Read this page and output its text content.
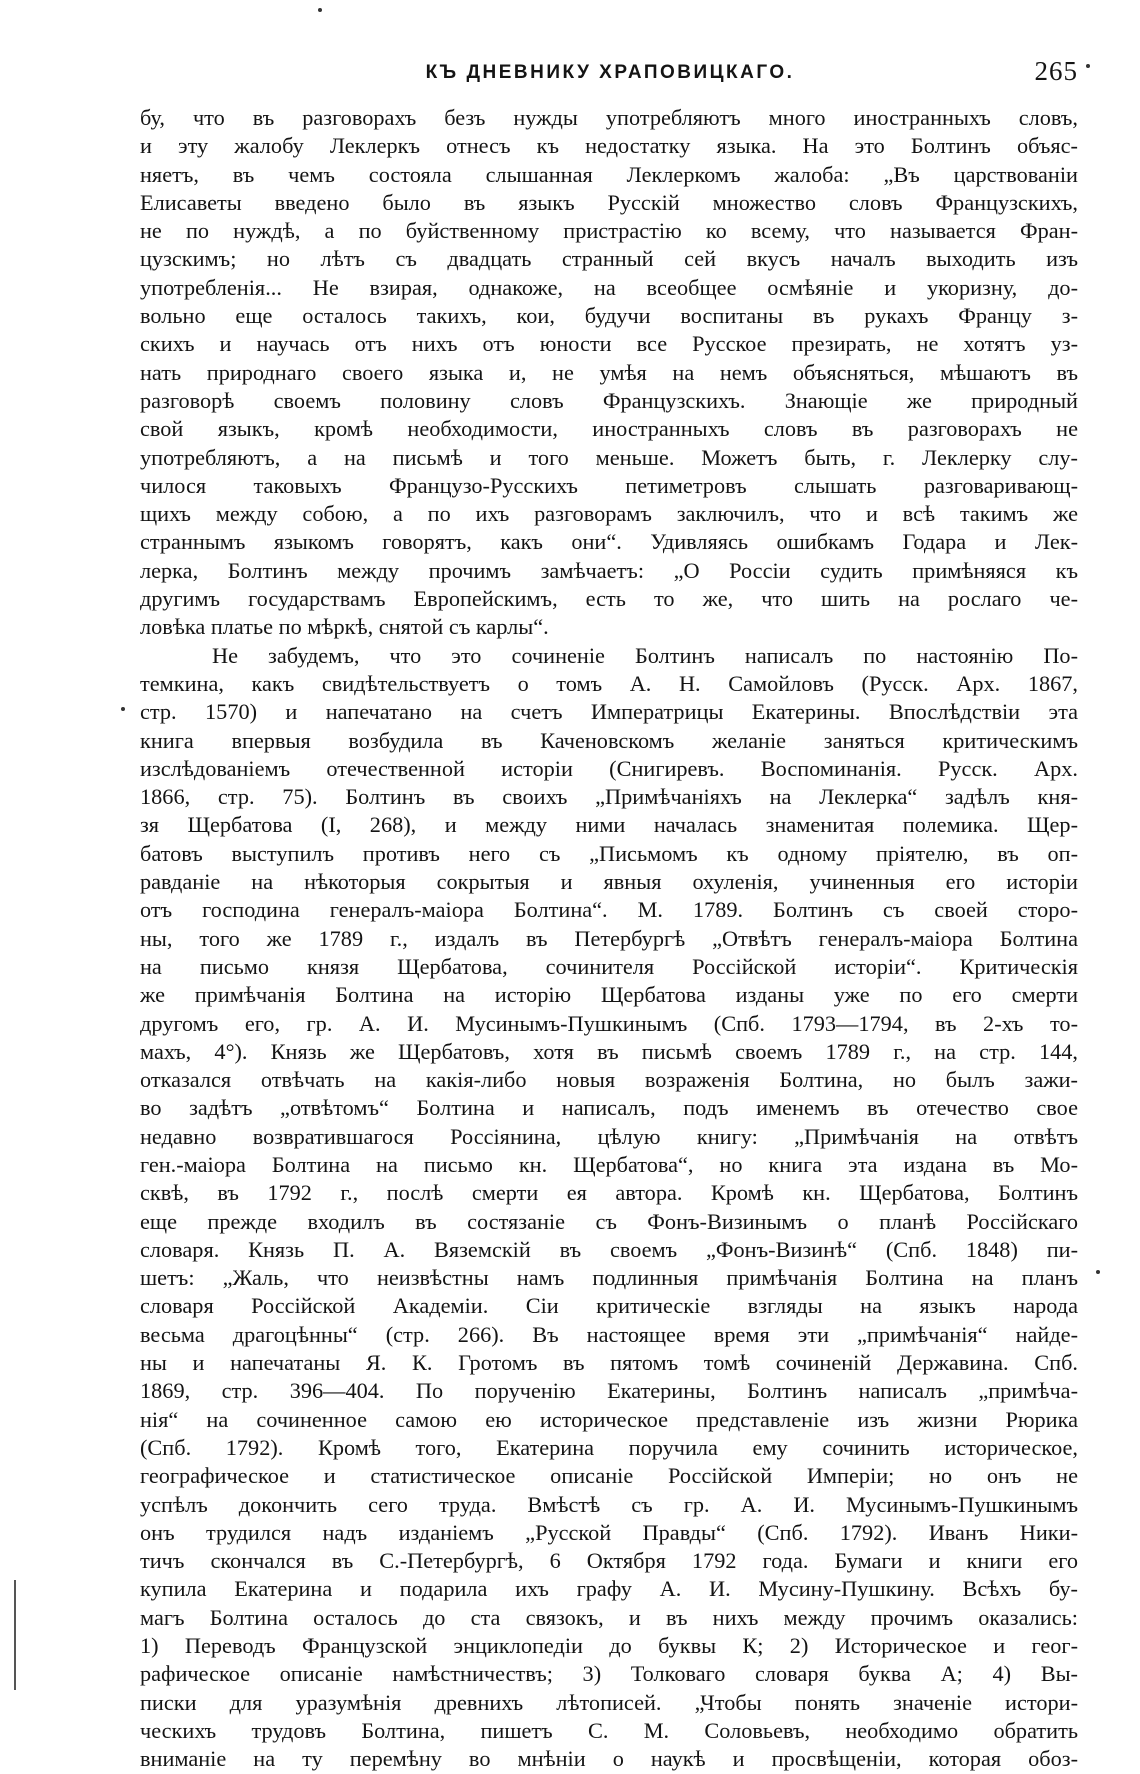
КЪ ДНЕВНИКУ ХРАПОВИЦКАГО.	265
бу, что въ разговорахъ безъ нужды употребляютъ много иностранныхъ словъ,
и эту жалобу Леклеркъ отнесъ къ недостатку языка. На это Болтинъ объяс-
няетъ, въ чемъ состояла слышанная Леклеркомъ жалоба: „Въ царствованіи
Елисаветы введено было въ языкъ Русскій множество словъ Французскихъ,
не по нуждѣ, а по буйственному пристрастію ко всему, что называется Фран-
цузскимъ; но лѣтъ съ двадцать странный сей вкусъ началъ выходить изъ
употребленія... Не взирая, однакоже, на всеобщее осмѣяніе и укоризну, до-
вольно еще осталось такихъ, кои, будучи воспитаны въ рукахъ Францу з-
скихъ и научась отъ нихъ отъ юности все Русское презирать, не хотятъ уз-
нать природнаго своего языка и, не умѣя на немъ объясняться, мѣшаютъ въ
разговорѣ своемъ половину словъ Французскихъ. Знающіе же природный
свой языкъ, кромѣ необходимости, иностранныхъ словъ въ разговорахъ не
употребляютъ, а на письмѣ и того меньше. Можетъ быть, г. Леклерку слу-
чилося таковыхъ Французо-Русскихъ петиметровъ слышать разговаривающ-
щихъ между собою, а по ихъ разговорамъ заключилъ, что и всѣ такимъ же
страннымъ языкомъ говорятъ, какъ они“. Удивляясь ошибкамъ Годара и Лек-
лерка, Болтинъ между прочимъ замѣчаетъ: „О Россіи судить примѣняяся къ
другимъ государствамъ Европейскимъ, есть то же, что шить на рослаго че-
ловѣка платье по мѣркѣ, снятой съ карлы“.
Не забудемъ, что это сочиненіе Болтинъ написалъ по настоянію По-
темкина, какъ свидѣтельствуетъ о томъ А. Н. Самойловъ (Русск. Арх. 1867,
стр. 1570) и напечатано на счетъ Императрицы Екатерины. Впослѣдствіи эта
книга впервыя возбудила въ Каченовскомъ желаніе заняться критическимъ
изслѣдованіемъ отечественной исторіи (Снигиревъ. Воспоминанія. Русск. Арх.
1866, стр. 75). Болтинъ въ своихъ „Примѣчаніяхъ на Леклерка“ задѣлъ кня-
зя Щербатова (I, 268), и между ними началась знаменитая полемика. Щер-
батовъ выступилъ противъ него съ „Письмомъ къ одному пріятелю, въ оп-
равданіе на нѣкоторыя сокрытыя и явныя охуленія, учиненныя его исторіи
отъ господина генералъ-маіора Болтина“. М. 1789. Болтинъ съ своей сторо-
ны, того же 1789 г., издалъ въ Петербургѣ „Отвѣтъ генералъ-маіора Болтина
на письмо князя Щербатова, сочинителя Россійской исторіи“. Критическія
же примѣчанія Болтина на исторію Щербатова изданы уже по его смерти
другомъ его, гр. А. И. Мусинымъ-Пушкинымъ (Спб. 1793—1794, въ 2-хъ то-
махъ, 4°). Князь же Щербатовъ, хотя въ письмѣ своемъ 1789 г., на стр. 144,
отказался отвѣчать на какія-либо новыя возраженія Болтина, но былъ зажи-
во задѣтъ „отвѣтомъ“ Болтина и написалъ, подъ именемъ въ отечество свое
недавно возвратившагося Россіянина, цѣлую книгу: „Примѣчанія на отвѣтъ
ген.-маіора Болтина на письмо кн. Щербатова“, но книга эта издана въ Мо-
сквѣ, въ 1792 г., послѣ смерти ея автора. Кромѣ кн. Щербатова, Болтинъ
еще прежде входилъ въ состязаніе съ Фонъ-Визинымъ о планѣ Россійскаго
словаря. Князь П. А. Вяземскій въ своемъ „Фонъ-Визинѣ“ (Спб. 1848) пи-
шетъ: „Жаль, что неизвѣстны намъ подлинныя примѣчанія Болтина на планъ
словаря Россійской Академіи. Сіи критическіе взгляды на языкъ народа
весьма драгоцѣнны“ (стр. 266). Въ настоящее время эти „примѣчанія“ найде-
ны и напечатаны Я. К. Гротомъ въ пятомъ томѣ сочиненій Державина. Спб.
1869, стр. 396—404. По порученію Екатерины, Болтинъ написалъ „примѣча-
нія“ на сочиненное самою ею историческое представленіе изъ жизни Рюрика
(Спб. 1792). Кромѣ того, Екатерина поручила ему сочинить историческое,
географическое и статистическое описаніе Россійской Имперіи; но онъ не
успѣлъ докончить сего труда. Вмѣстѣ съ гр. А. И. Мусинымъ-Пушкинымъ
онъ трудился надъ изданіемъ „Русской Правды“ (Спб. 1792). Иванъ Ники-
тичъ скончался въ С.-Петербургѣ, 6 Октября 1792 года. Бумаги и книги его
купила Екатерина и подарила ихъ графу А. И. Мусину-Пушкину. Всѣхъ бу-
магъ Болтина осталось до ста связокъ, и въ нихъ между прочимъ оказались:
1) Переводъ Французской энциклопедіи до буквы К; 2) Историческое и геог-
рафическое описаніе намѣстничествъ; 3) Толковаго словаря буква А; 4) Вы-
писки для уразумѣнія древнихъ лѣтописей. „Чтобы понять значеніе истори-
ческихъ трудовъ Болтина, пишетъ С. М. Соловьевъ, необходимо обратить
вниманіе на ту перемѣну во мнѣніи о наукѣ и просвѣщеніи, которая обоз-
